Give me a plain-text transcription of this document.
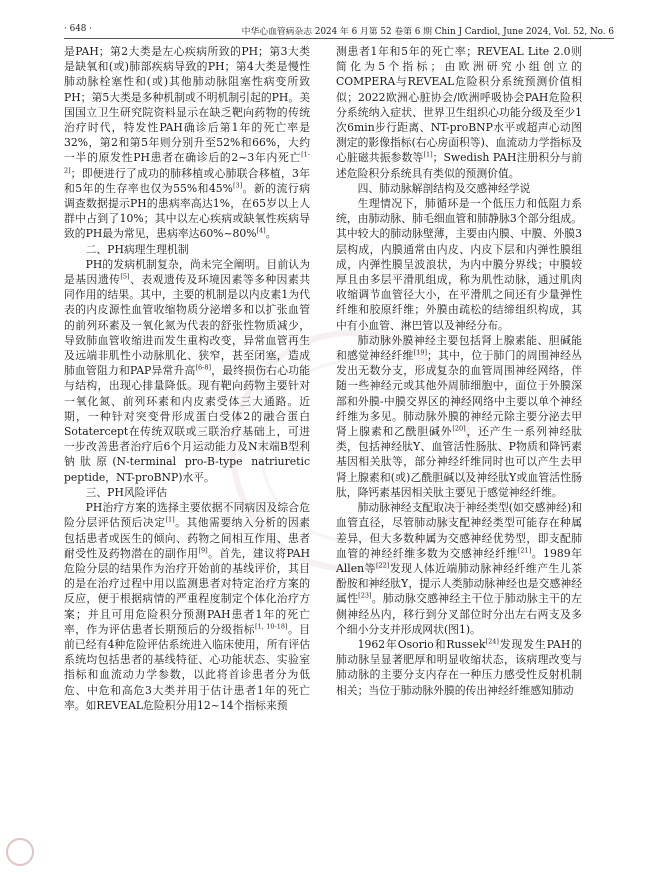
· 648 ·	中华心血管病杂志 2024 年 6 月第 52 卷第 6 期 Chin J Cardiol, June 2024, Vol. 52, No. 6

是PAH；第2大类是左心疾病所致的PH；第3大类是缺氧和(或)肺部疾病导致的PH；第4大类是慢性肺动脉栓塞性和(或)其他肺动脉阻塞性病变所致PH；第5大类是多种机制或不明机制引起的PH。美国国立卫生研究院资料显示在缺乏靶向药物的传统治疗时代，特发性PAH确诊后第1年的死亡率是32%，第2和第5年则分别升至52%和66%，大约一半的原发性PH患者在确诊后的2~3年内死亡[1-2]；即便进行了成功的肺移植或心肺联合移植，3年和5年的生存率也仅为55%和45%[3]。新的流行病调查数据提示PH的患病率高达1%，在65岁以上人群中占到了10%；其中以左心疾病或缺氧性疾病导致的PH最为常见，患病率达60%~80%[4]。

二、PH病理生理机制

PH的发病机制复杂，尚未完全阐明。目前认为是基因遗传[5]、表观遗传及环境因素等多种因素共同作用的结果。其中，主要的机制是以内皮素1为代表的内皮源性血管收缩物质分泌增多和以扩张血管的前列环素及一氧化氮为代表的舒张性物质减少，导致肺血管收缩进而发生重构改变，异常血管再生及远端非肌性小动脉肌化、狭窄，甚至闭塞，造成肺血管阻力和PAP异常升高[6-8]，最终损伤右心功能与结构，出现心排量降低。现有靶向药物主要针对一氧化氮、前列环素和内皮素受体三大通路。近期，一种针对突变骨形成蛋白受体2的融合蛋白Sotatercept在传统双联或三联治疗基础上，可进一步改善患者治疗后6个月运动能力及N末端B型利钠肽原(N-terminal pro-B-type natriuretic peptide，NT-proBNP)水平。

三、PH风险评估

PH治疗方案的选择主要依据不同病因及综合危险分层评估预后决定[1]。其他需要纳入分析的因素包括患者或医生的倾向、药物之间相互作用、患者耐受性及药物潜在的副作用[9]。首先，建议将PAH危险分层的结果作为治疗开始前的基线评价，其目的是在治疗过程中用以监测患者对特定治疗方案的反应，便于根据病情的严重程度制定个体化治疗方案；并且可用危险积分预测PAH患者1年的死亡率，作为评估患者长期预后的分级指标[1, 10-18]。目前已经有4种危险评估系统进入临床使用，所有评估系统均包括患者的基线特征、心功能状态、实验室指标和血流动力学参数，以此将首诊患者分为低危、中危和高危3大类并用于估计患者1年的死亡率。如REVEAL危险积分用12~14个指标来预

测患者1年和5年的死亡率；REVEAL Lite 2.0则简化为5个指标；由欧洲研究小组创立的COMPERA与REVEAL危险积分系统预测价值相似；2022欧洲心脏协会/欧洲呼吸协会PAH危险积分系统纳入症状、世界卫生组织心功能分级及至少1次6min步行距离、NT-proBNP水平或超声心动图测定的影像指标(右心房面积等)、血流动力学指标及心脏磁共振参数等[1]；Swedish PAH注册积分与前述危险积分系统具有类似的预测价值。

四、肺动脉解剖结构及交感神经学说

生理情况下，肺循环是一个低压力和低阻力系统，由肺动脉、肺毛细血管和肺静脉3个部分组成。其中较大的肺动脉壁薄，主要由内膜、中膜、外膜3层构成，内膜通常由内皮、内皮下层和内弹性膜组成，内弹性膜呈波浪状，为内中膜分界线；中膜较厚且由多层平滑肌组成，称为肌性动脉，通过肌肉收缩调节血管径大小，在平滑肌之间还有少量弹性纤维和胶原纤维；外膜由疏松的结缔组织构成，其中有小血管、淋巴管以及神经分布。

肺动脉外膜神经主要包括肾上腺素能、胆碱能和感觉神经纤维[19]；其中，位于肺门的周围神经丛发出无数分支，形成复杂的血管周围神经网络，伴随一些神经元或其他外周肺细胞中，面位于外膜深部和外膜-中膜交界区的神经网络中主要以单个神经纤维为多见。肺动脉外膜的神经元除主要分泌去甲肾上腺素和乙酰胆碱外[20]，还产生一系列神经肽类，包括神经肽Y、血管活性肠肽、P物质和降钙素基因相关肽等，部分神经纤维同时也可以产生去甲肾上腺素和(或)乙酰胆碱以及神经肽Y或血管活性肠肽，降钙素基因相关肽主要见于感觉神经纤维。

肺动脉神经支配取决于神经类型(如交感神经)和血管直径，尽管肺动脉支配神经类型可能存在种属差异，但大多数种属为交感神经优势型，即支配肺血管的神经纤维多数为交感神经纤维[21]。1989年Allen等[22]发现人体近端肺动脉神经纤维产生儿茶酚胺和神经肽Y，提示人类肺动脉神经也是交感神经属性[23]。肺动脉交感神经主干位于肺动脉主干的左侧神经丛内，移行到分叉部位时分出左右两支及多个细小分支并形成网状(图1)。

1962年Osorio和Russek[24]发现发生PAH的肺动脉呈显著肥厚和明显收缩状态，该病理改变与肺动脉的主要分支内存在一种压力感受性反射机制相关；当位于肺动脉外膜的传出神经纤维感知肺动
